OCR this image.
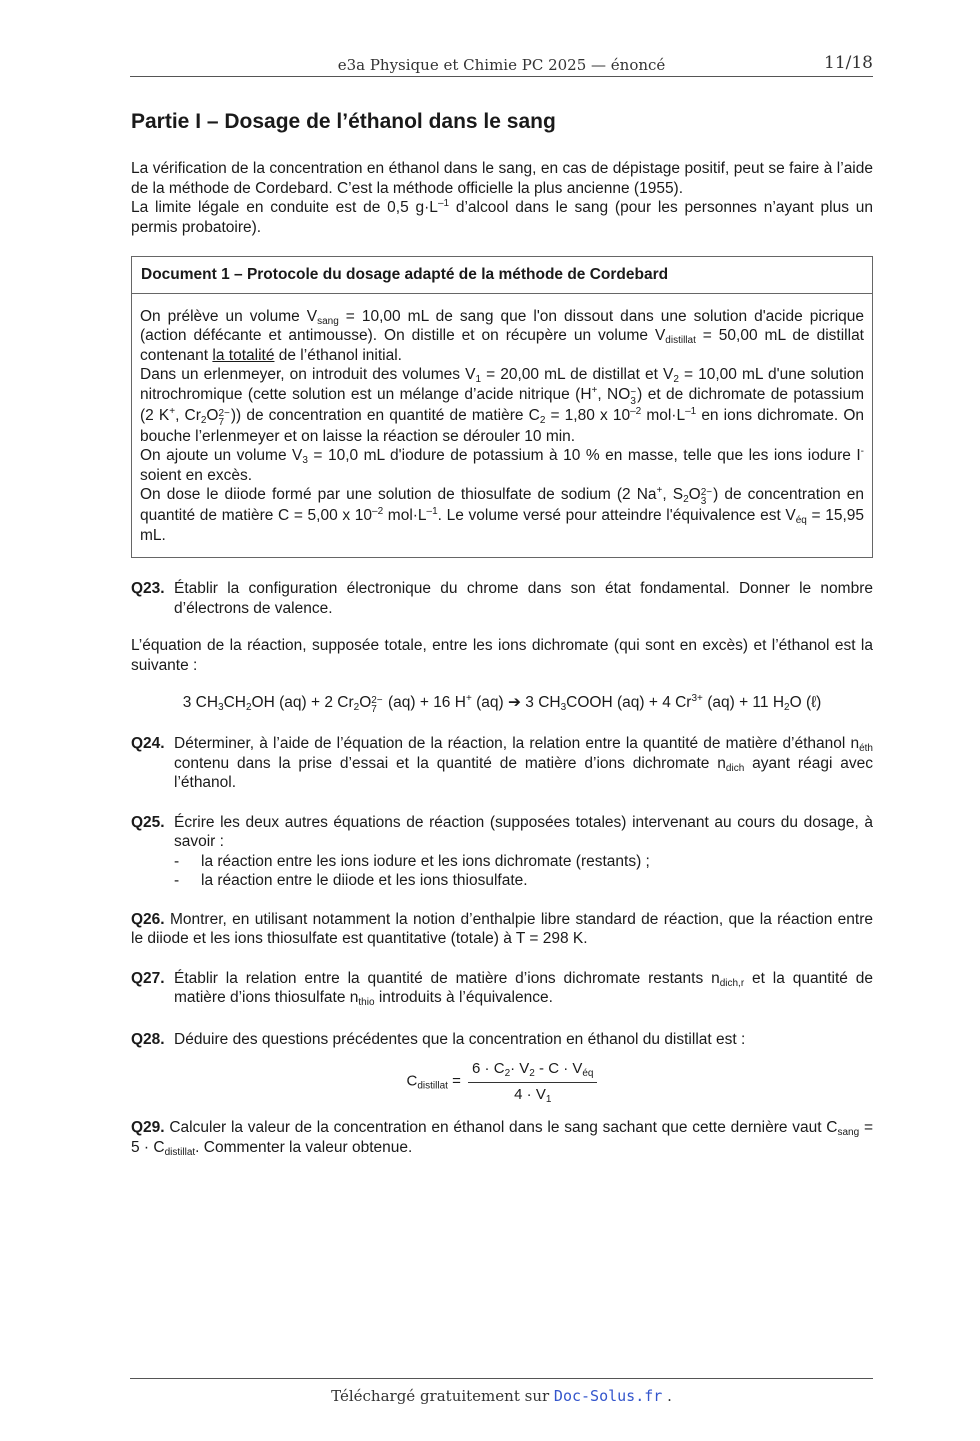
e3a Physique et Chimie PC 2025 — énoncé	11/18
Partie I – Dosage de l’éthanol dans le sang

La vérification de la concentration en éthanol dans le sang, en cas de dépistage positif, peut se faire à l’aide de la méthode de Cordebard. C’est la méthode officielle la plus ancienne (1955).
La limite légale en conduite est de 0,5 $g\cdot L^{-1}$ d’alcool dans le sang (pour les personnes n’ayant plus un permis probatoire).

Document 1 – Protocole du dosage adapté de la méthode de Cordebard

On prélève un volume $V_{sang} = 10,00$ mL de sang que l'on dissout dans une solution d'acide picrique (action défécante et antimousse). On distille et on récupère un volume $V_{distillat} = 50,00$ mL de distillat contenant la totalité de l’éthanol initial.

Dans un erlenmeyer, on introduit des volumes $V_1 = 20,00$ mL de distillat et $V_2 = 10,00$ mL d'une solution nitrochromique (cette solution est un mélange d’acide nitrique (H+, NO −
3 ) et de dichromate de potassium (2 K+, $Cr_2O$ 2−
7 )) de concentration en quantité de matière $C_2 = 1,80$ x $10^{-2}$ $mol\cdot L^{-1}$ en ions dichromate. On bouche l’erlenmeyer et on laisse la réaction se dérouler 10 min.
On ajoute un volume $V_3 = 10,0$ mL d'iodure de potassium à 10 % en masse, telle que les ions iodure I- soient en excès.

On dose le diiode formé par une solution de thiosulfate de sodium (2 Na+, $S_2O$ 2−
3 ) de concentration en quantité de matière C = 5,00 x $10^{-2}$ $mol\cdot L^{-1}$. Le volume versé pour atteindre l'équivalence est $V_{éq} = 15,95$ mL.

Q23. Établir la configuration électronique du chrome dans son état fondamental. Donner le nombre d’électrons de valence.

L’équation de la réaction, supposée totale, entre les ions dichromate (qui sont en excès) et l’éthanol est la suivante :

3 $CH_3CH_2OH$ (aq) + 2 $Cr_2O$ 2−
7 (aq) + 16 H+ (aq) ➔ 3 $CH_3COOH$ (aq) + 4 $Cr^{3+}$ (aq) + 11 $H_2O$ (ℓ)

Q24. Déterminer, à l’aide de l’équation de la réaction, la relation entre la quantité de matière d’éthanol $n_{éth}$ contenu dans la prise d’essai et la quantité de matière d’ions dichromate $n_{dich}$ ayant réagi avec l’éthanol.
Q25. Écrire les deux autres équations de réaction (supposées totales) intervenant au cours du dosage, à savoir :
-	la réaction entre les ions iodure et les ions dichromate (restants) ;
-	la réaction entre le diiode et les ions thiosulfate.

Q26. Montrer, en utilisant notamment la notion d’enthalpie libre standard de réaction, que la réaction entre le diiode et les ions thiosulfate est quantitative (totale) à T = 298 K.

Q27. Établir la relation entre la quantité de matière d’ions dichromate restants $n_{dich,r}$ et la quantité de matière d’ions thiosulfate $n_{thio}$ introduits à l’équivalence.
Q28. Déduire des questions précédentes que la concentration en éthanol du distillat est :
$C_{distillat} = \frac{6 \cdot C_2\cdot V_2 - C \cdot V_{éq}}{4 \cdot V_1}$

Q29. Calculer la valeur de la concentration en éthanol dans le sang sachant que cette dernière vaut $C_{sang} = 5 \cdot C_{distillat}$. Commenter la valeur obtenue.

Téléchargé gratuitement sur Doc-Solus.fr .
